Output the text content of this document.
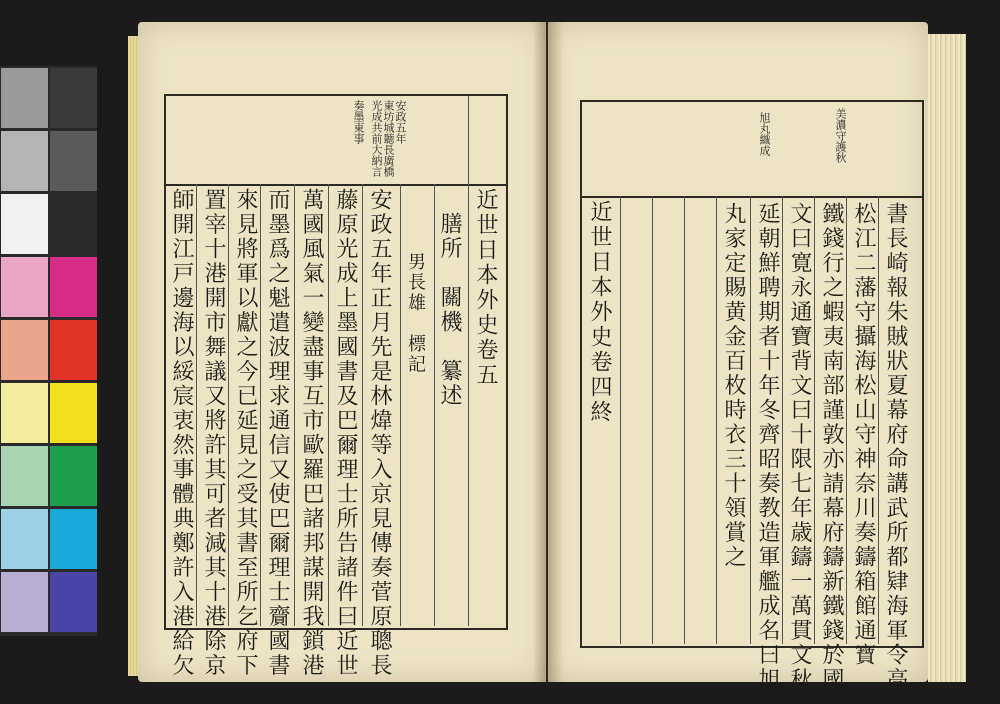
安政五年
東坊城聽長廣橋
光成共前大納言
奏墨東事
近世日本外史卷五
膳所　關機　纂述
男長雄　標記
安政五年正月先是林煒等入京見傳奏菅原聰長
藤原光成上墨國書及巴爾理士所告諸件曰近世
萬國風氣一變盡事互市歐羅巴諸邦謀開我鎖港
而墨爲之魁遣波理求通信又使巴爾理士齎國書
來見將軍以獻之今已延見之受其書至所乞府下
置宰十港開市舞議又將許其可者減其十港除京
師開江戸邊海以綏宸衷然事體典鄭許入港給欠
美濃守護秋
旭丸織成
書長崎報朱賊狀夏幕府命講武所都肄海軍令高
松江二藩守攝海松山守神奈川奏鑄箱館通寶
鐵錢行之蝦夷南部謹敦亦請幕府鑄新鐵錢於國
文曰寛永通寶背文曰十限七年歳鑄一萬貫文秋
延朝鮮聘期者十年冬齊昭奏教造軍艦成名曰旭
丸家定賜黄金百枚時衣三十領賞之
近世日本外史卷四終
